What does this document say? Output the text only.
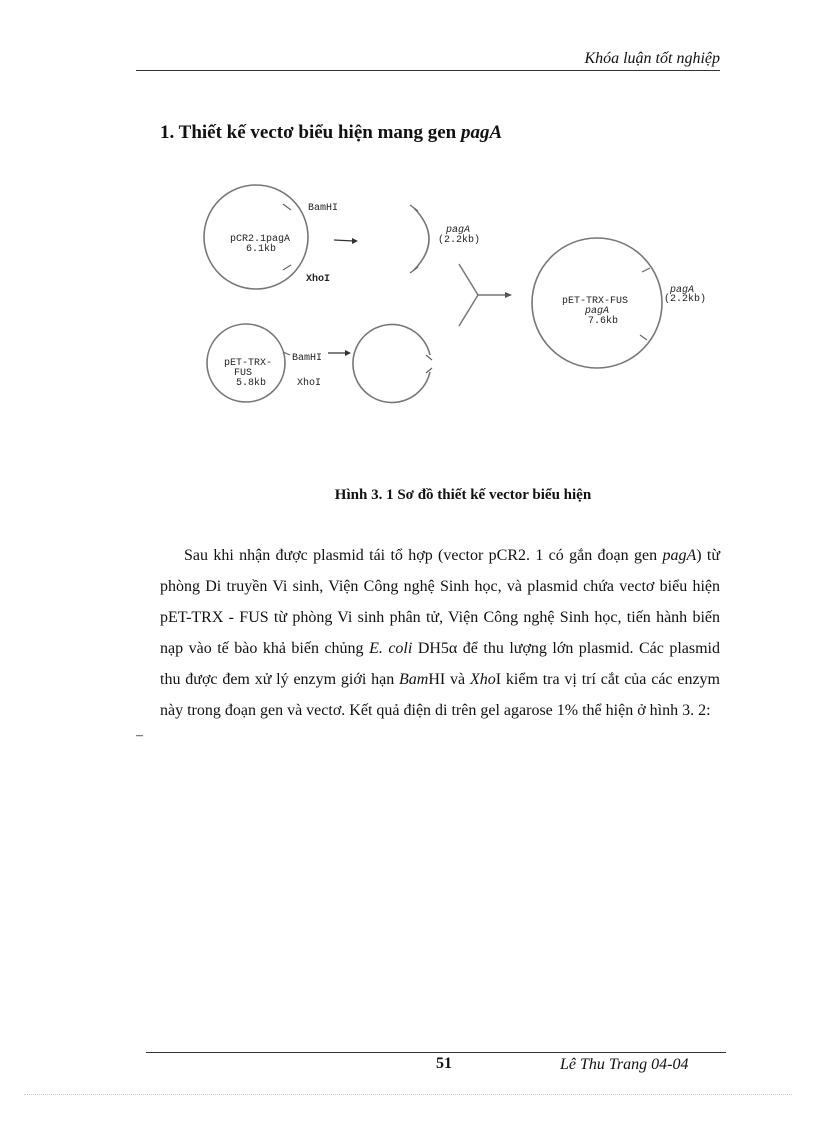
Khóa luận tốt nghiệp
1. Thiết kế vectơ biểu hiện mang gen pagA
pCR2.1pagA
6.1kb
BamHI
XhoI
pagA
(2.2kb)
pET-TRX-
FUS
5.8kb
BamHI
XhoI
pET-TRX-FUS
pagA
7.6kb
pagA
(2.2kb)
Hình 3. 1 Sơ đồ thiết kế vector biểu hiện

Sau khi nhận được plasmid tái tổ hợp (vector pCR2. 1 có gắn đoạn gen pagA) từ phòng Di truyền Vi sinh, Viện Công nghệ Sinh học, và plasmid chứa vectơ biểu hiện pET-TRX - FUS từ phòng Vi sinh phân tử, Viện Công nghệ Sinh học, tiến hành biến nạp vào tế bào khả biến chủng E. coli DH5α để thu lượng lớn plasmid. Các plasmid thu được đem xử lý enzym giới hạn BamHI và XhoI kiểm tra vị trí cắt của các enzym này trong đoạn gen và vectơ. Kết quả điện di trên gel agarose 1% thể hiện ở hình 3. 2:

–
51	Lê Thu Trang 04-04
